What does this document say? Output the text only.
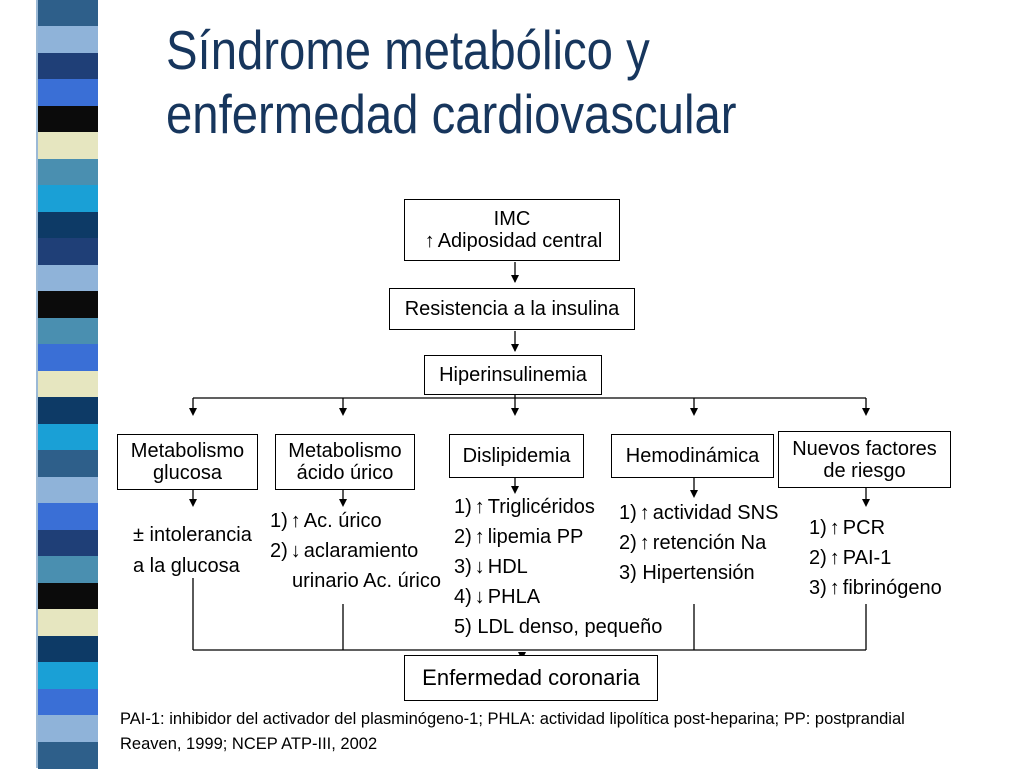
Síndrome metabólico y
enfermedad cardiovascular
IMC
↑ Adiposidad central
Resistencia a la insulina
Hiperinsulinemia
Metabolismo
glucosa
Metabolismo
ácido úrico
Dislipidemia	Hemodinámica Nuevos factores
de riesgo
Enfermedad coronaria
± intolerancia
a la glucosa
1) ↑ Ac. úrico
2) ↓ aclaramiento
urinario Ac. úrico
1) ↑ Triglicéridos
2) ↑ lipemia PP
3) ↓ HDL
4) ↓ PHLA
5) LDL denso, pequeño
1) ↑ actividad SNS
2) ↑ retención Na
3) Hipertensión
1) ↑ PCR
2) ↑ PAI-1
3) ↑ fibrinógeno
PAI-1: inhibidor del activador del plasminógeno-1; PHLA: actividad lipolítica post-heparina; PP: postprandial
Reaven, 1999; NCEP ATP-III, 2002
